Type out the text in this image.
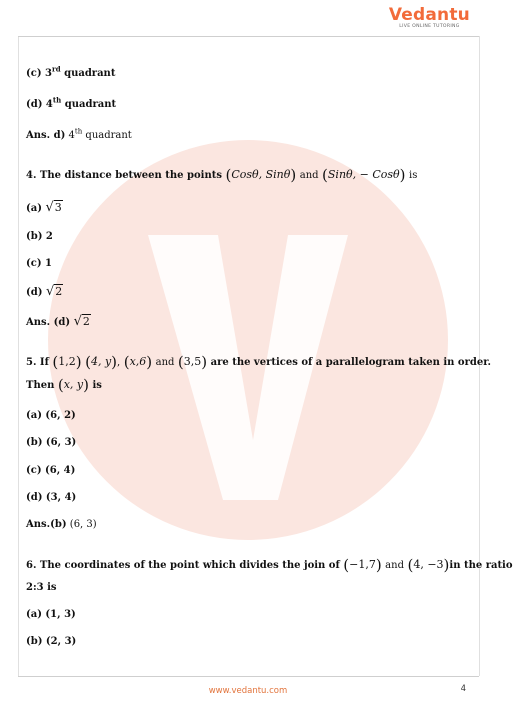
Vedantu
LIVE ONLINE TUTORING
(c) 3rd quadrant
(d) 4th quadrant
Ans. d) 4th quadrant
4. The distance between the points (Cosθ, Sinθ) and (Sinθ, − Cosθ) is
(a) √3
(b) 2
(c) 1
(d) √2
Ans. (d) √2
5. If (1,2) (4, y), (x,6) and (3,5) are the vertices of a parallelogram taken in order.
Then (x, y) is
(a) (6, 2)
(b) (6, 3)
(c) (6, 4)
(d) (3, 4)
Ans.(b) (6, 3)
6. The coordinates of the point which divides the join of (−1,7) and (4, −3)in the ratio
2:3 is
(a) (1, 3)
(b) (2, 3)
www.vedantu.com	4
